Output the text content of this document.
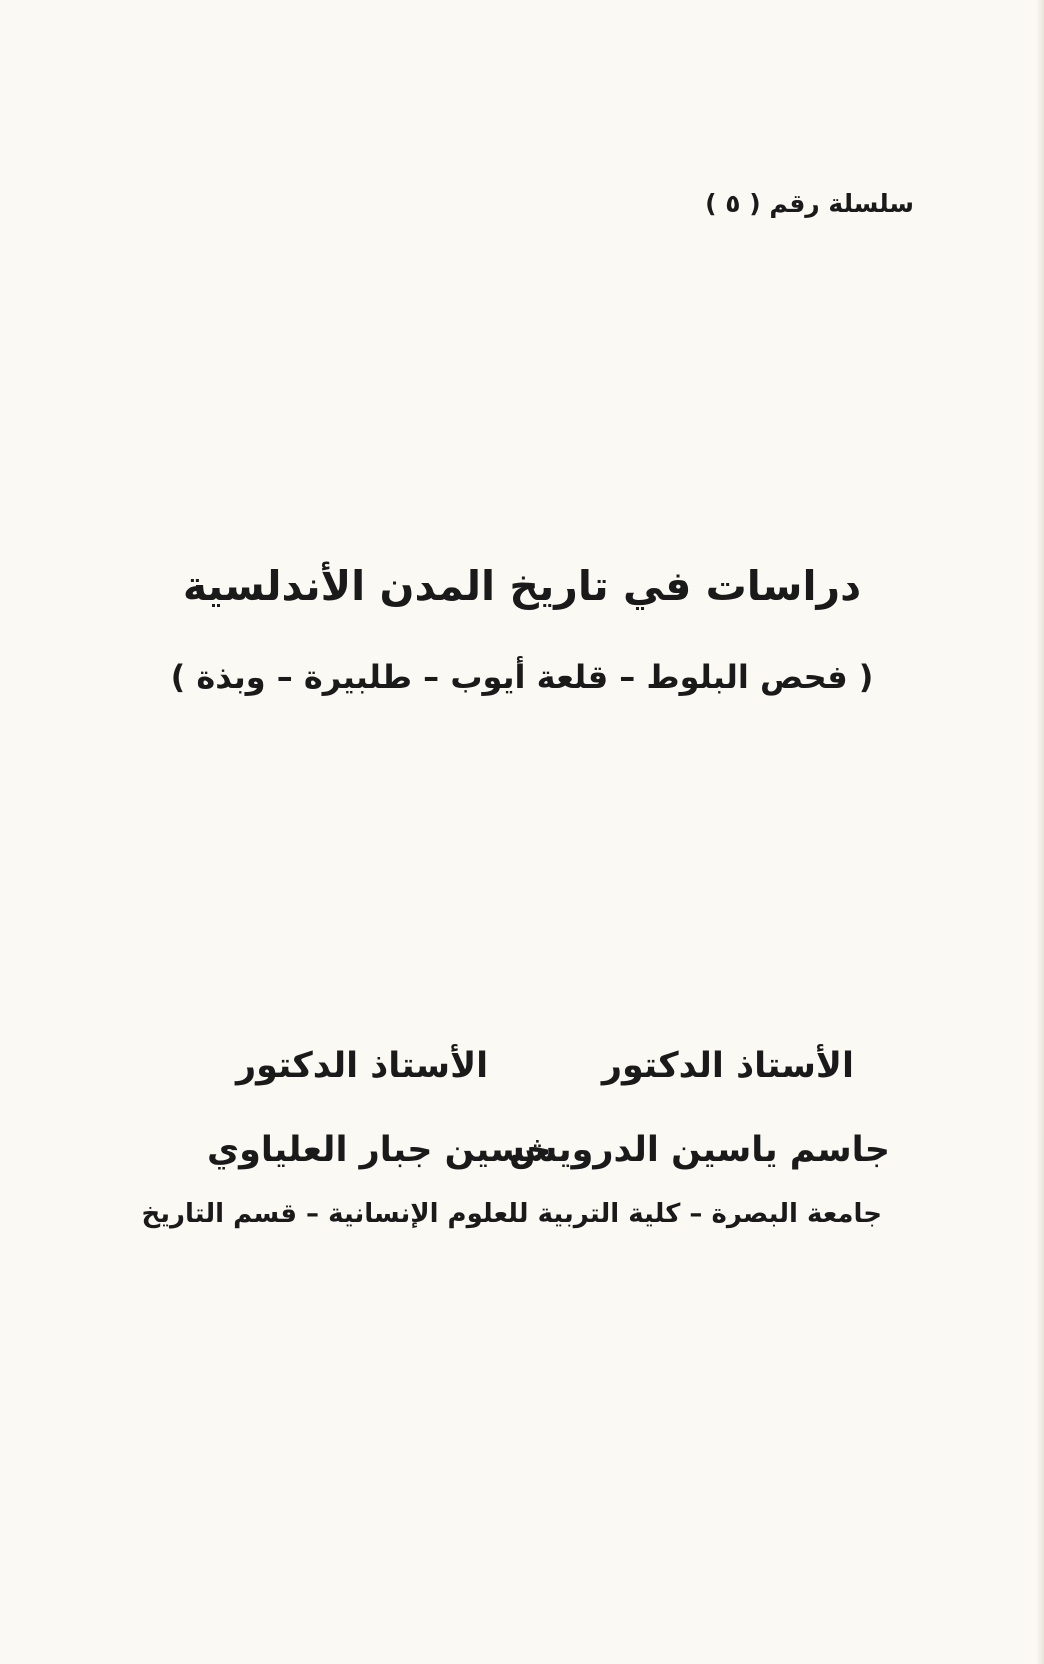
سلسلة رقم ( ٥ )
دراسات في تاريخ المدن الأندلسية
( فحص البلوط – قلعة أيوب – طلبيرة – وبذة )
الأستاذ الدكتور
الأستاذ الدكتور
جاسم ياسين الدرويش
حسين جبار العلياوي
جامعة البصرة – كلية التربية للعلوم الإنسانية – قسم التاريخ
